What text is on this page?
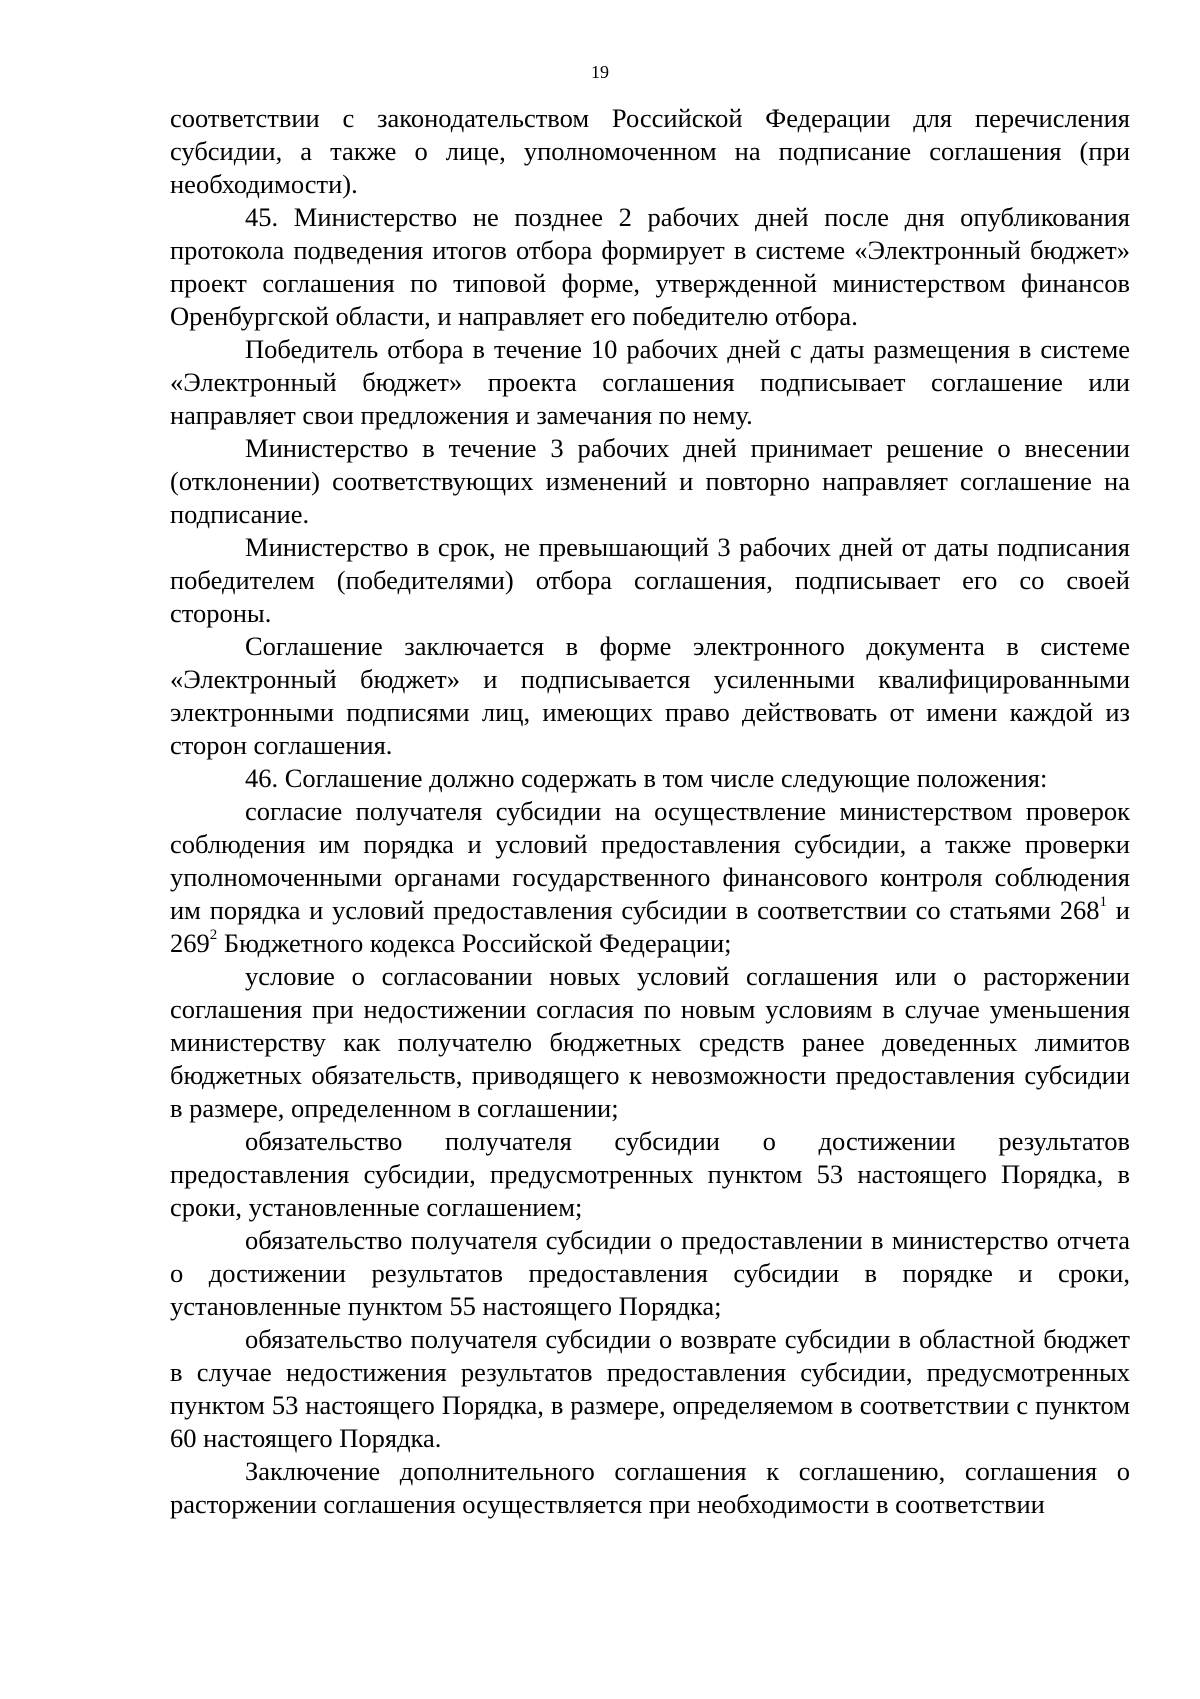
19

соответствии с законодательством Российской Федерации для перечисления субсидии, а также о лице, уполномоченном на подписание соглашения (при необходимости).

45. Министерство не позднее 2 рабочих дней после дня опубликования протокола подведения итогов отбора формирует в системе «Электронный бюджет» проект соглашения по типовой форме, утвержденной министерством финансов Оренбургской области, и направляет его победителю отбора.

Победитель отбора в течение 10 рабочих дней с даты размещения в системе «Электронный бюджет» проекта соглашения подписывает соглашение или направляет свои предложения и замечания по нему.

Министерство в течение 3 рабочих дней принимает решение о внесении (отклонении) соответствующих изменений и повторно направляет соглашение на подписание.

Министерство в срок, не превышающий 3 рабочих дней от даты подписания победителем (победителями) отбора соглашения, подписывает его со своей стороны.

Соглашение заключается в форме электронного документа в системе «Электронный бюджет» и подписывается усиленными квалифицированными электронными подписями лиц, имеющих право действовать от имени каждой из сторон соглашения.

46. Соглашение должно содержать в том числе следующие положения:

согласие получателя субсидии на осуществление министерством проверок соблюдения им порядка и условий предоставления субсидии, а также проверки уполномоченными органами государственного финансового контроля соблюдения им порядка и условий предоставления субсидии в соответствии со статьями $268^1$ и $269^2$ Бюджетного кодекса Российской Федерации;

условие о согласовании новых условий соглашения или о расторжении соглашения при недостижении согласия по новым условиям в случае уменьшения министерству как получателю бюджетных средств ранее доведенных лимитов бюджетных обязательств, приводящего к невозможности предоставления субсидии в размере, определенном в соглашении;

обязательство получателя субсидии о достижении результатов предоставления субсидии, предусмотренных пунктом 53 настоящего Порядка, в сроки, установленные соглашением;

обязательство получателя субсидии о предоставлении в министерство отчета о достижении результатов предоставления субсидии в порядке и сроки, установленные пунктом 55 настоящего Порядка;

обязательство получателя субсидии о возврате субсидии в областной бюджет в случае недостижения результатов предоставления субсидии, предусмотренных пунктом 53 настоящего Порядка, в размере, определяемом в соответствии с пунктом 60 настоящего Порядка.

Заключение дополнительного соглашения к соглашению, соглашения о расторжении соглашения осуществляется при необходимости в соответствии
